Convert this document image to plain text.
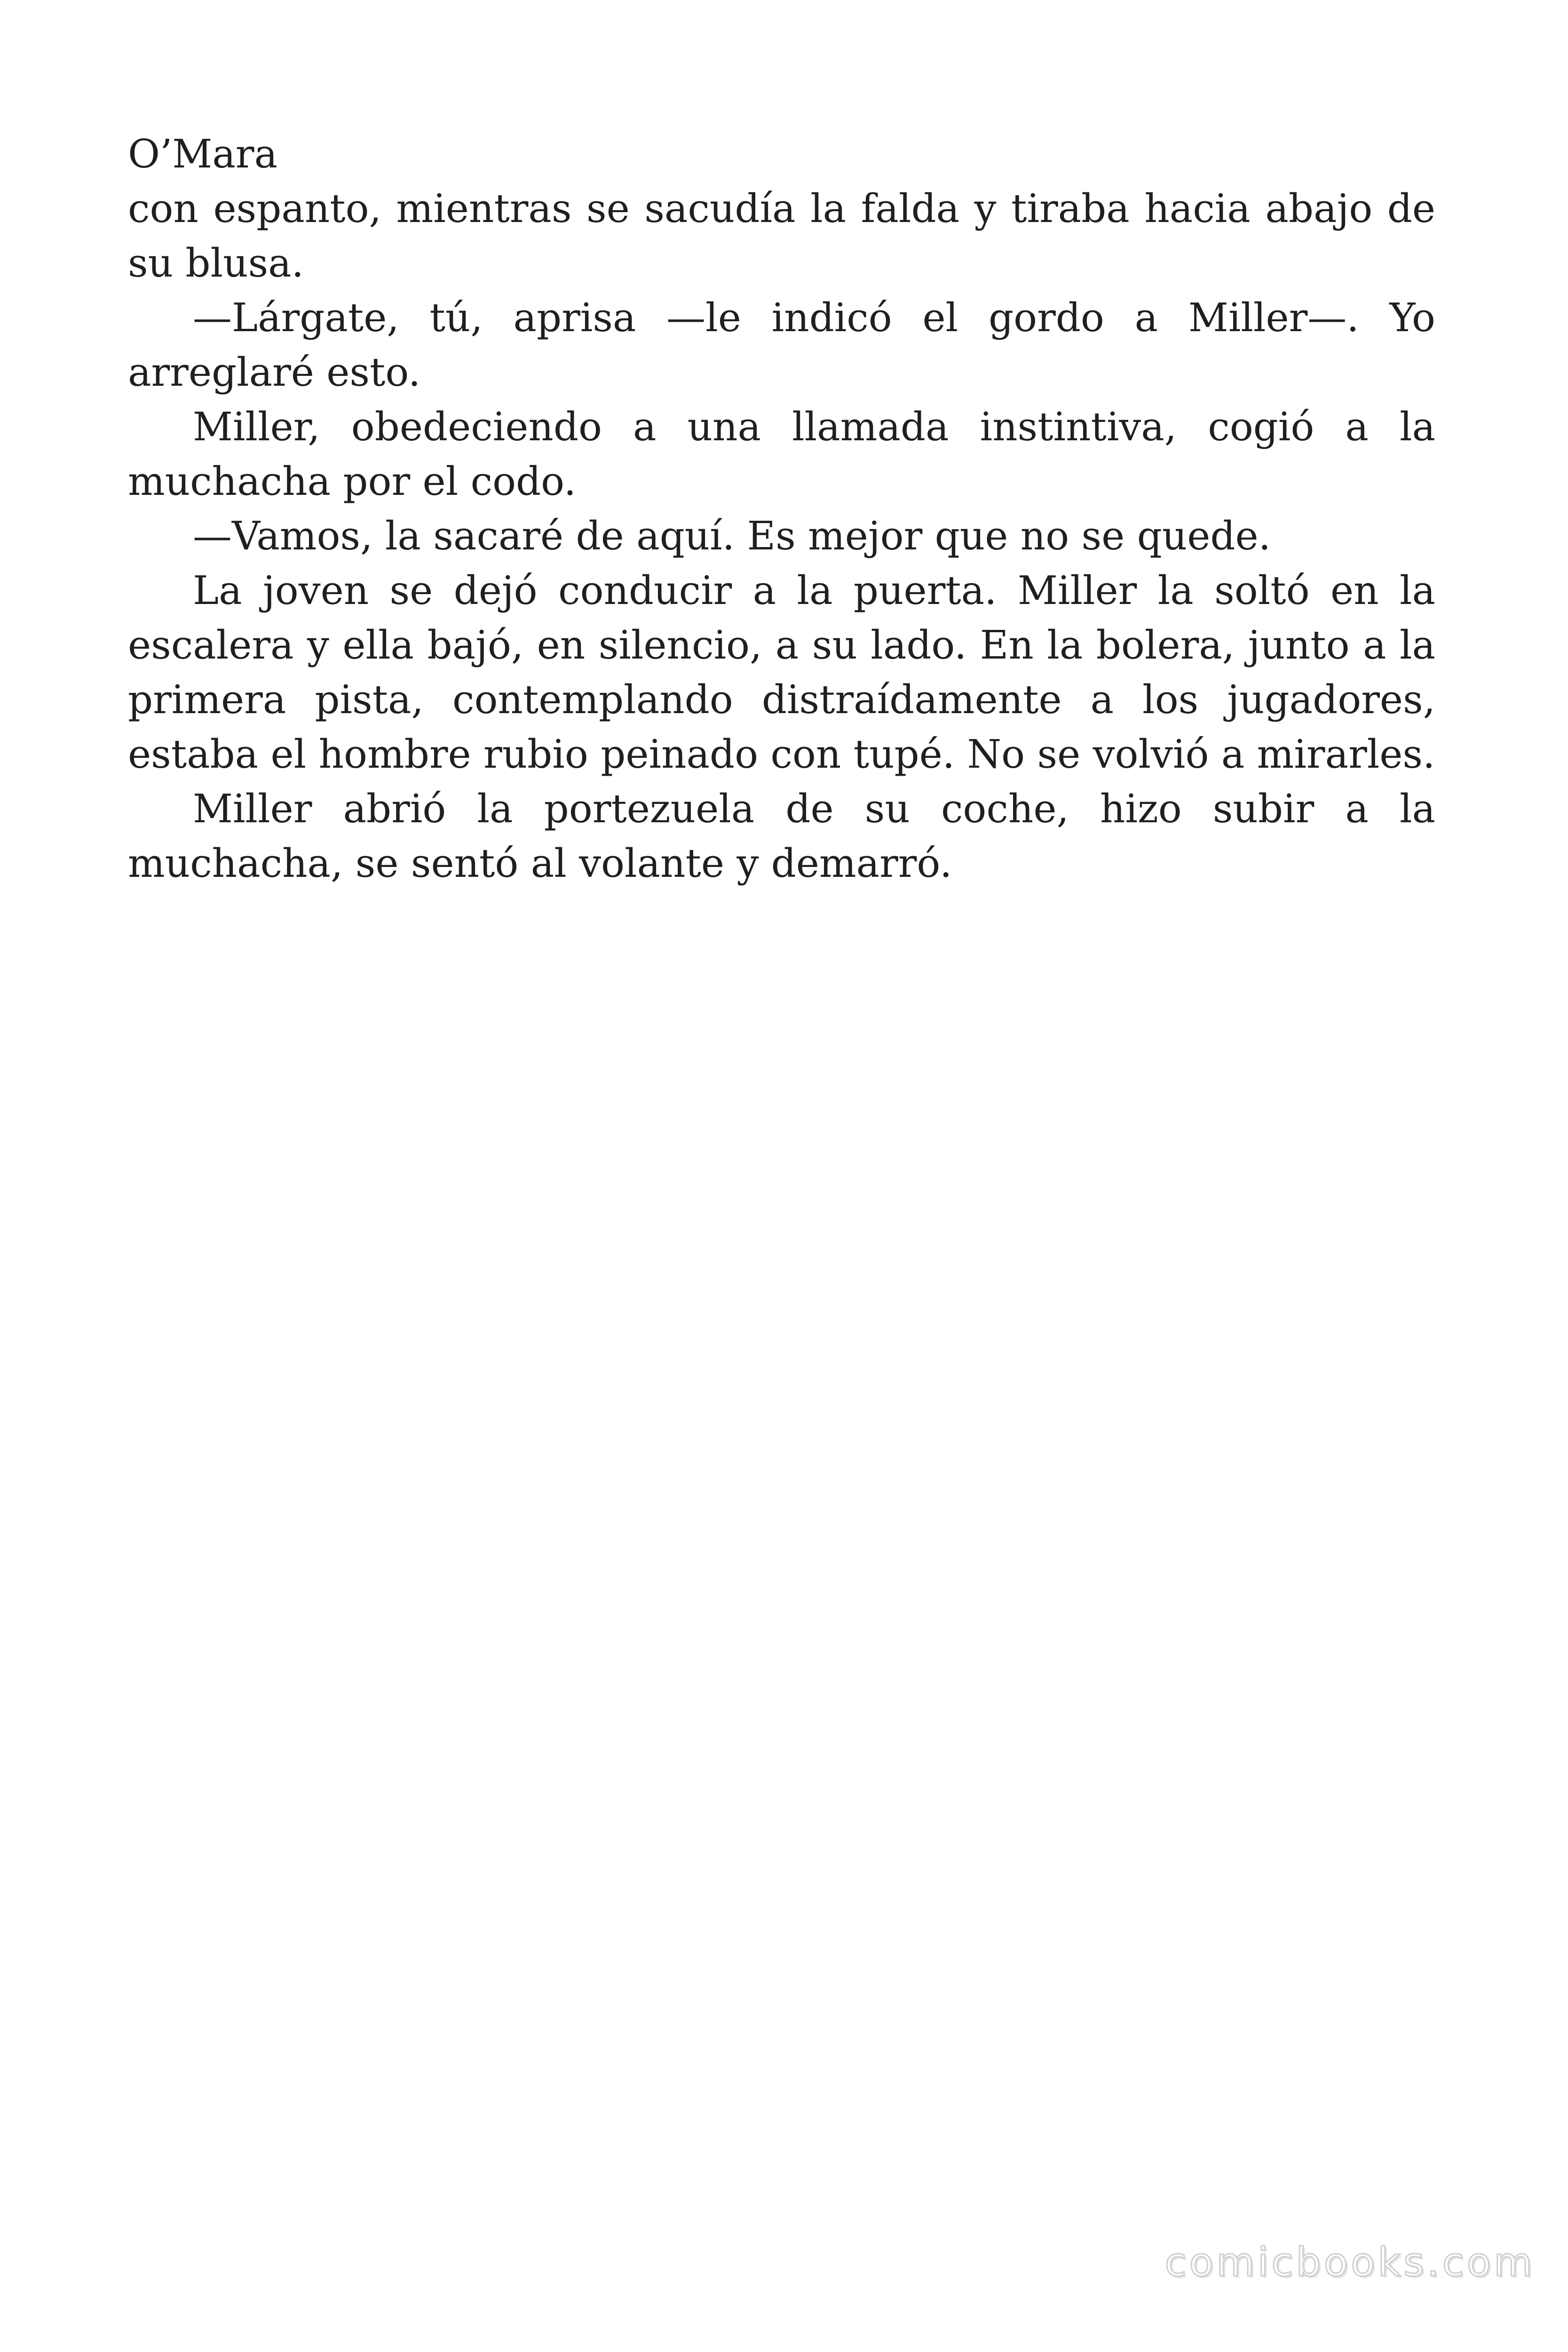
O’Mara

con espanto, mientras se sacudía la falda y tiraba hacia abajo de su blusa.

—Lárgate, tú, aprisa —le indicó el gordo a Miller—. Yo arreglaré esto.

Miller, obedeciendo a una llamada instintiva, cogió a la muchacha por el codo.

—Vamos, la sacaré de aquí. Es mejor que no se quede.

La joven se dejó conducir a la puerta. Miller la soltó en la escalera y ella bajó, en silencio, a su lado. En la bolera, junto a la primera pista, contemplando distraídamente a los jugadores, estaba el hombre rubio peinado con tupé. No se volvió a mirarles.

Miller abrió la portezuela de su coche, hizo subir a la muchacha, se sentó al volante y demarró.

comicbooks.com
